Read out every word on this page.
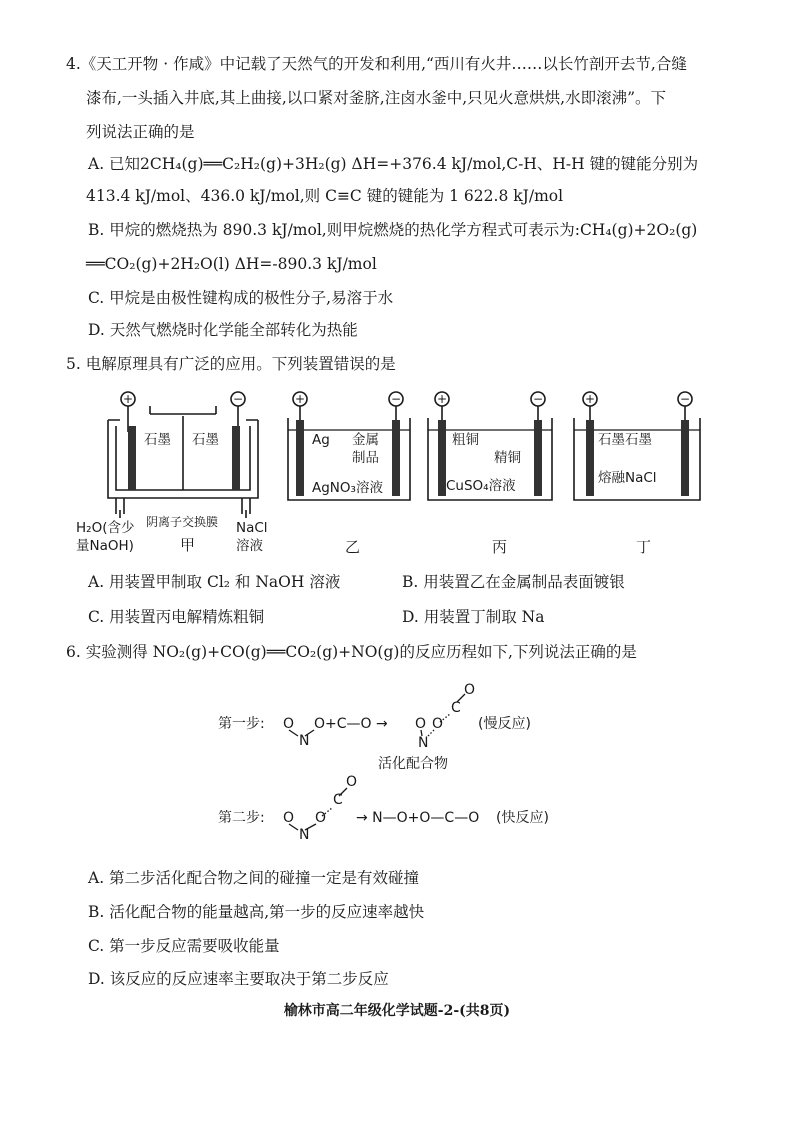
4.《天工开物 · 作咸》中记载了天然气的开发和利用,“西川有火井……以长竹剖开去节,合缝
漆布,一头插入井底,其上曲接,以口紧对釜脐,注卤水釜中,只见火意烘烘,水即滚沸”。下
列说法正确的是
A. 已知2CH₄(g)══C₂H₂(g)+3H₂(g) ΔH=+376.4 kJ/mol,C-H、H-H 键的键能分别为
413.4 kJ/mol、436.0 kJ/mol,则 C≡C 键的键能为 1 622.8 kJ/mol
B. 甲烷的燃烧热为 890.3 kJ/mol,则甲烷燃烧的热化学方程式可表示为:CH₄(g)+2O₂(g)
══CO₂(g)+2H₂O(l) ΔH=-890.3 kJ/mol
C. 甲烷是由极性键构成的极性分子,易溶于水
D. 天然气燃烧时化学能全部转化为热能
5. 电解原理具有广泛的应用。下列装置错误的是
+	−	+	−	+	−	+	−
石墨 石墨
阴离子交换膜
H₂O(含少
量NaOH)
NaCl
溶液
Ag 金属
制品
AgNO₃溶液
粗铜
精铜
CuSO₄溶液
石墨石墨
熔融NaCl
甲	乙	丙	丁
A. 用装置甲制取 Cl₂ 和 NaOH 溶液	B. 用装置乙在金属制品表面镀银
C. 用装置丙电解精炼粗铜	D. 用装置丁制取 Na
6. 实验测得 NO₂(g)+CO(g)══CO₂(g)+NO(g)的反应历程如下,下列说法正确的是
第一步: O
N
O+C—O → O
N
O
C
O
(慢反应)
活化配合物
第二步: O
N
O
C
O
→ N—O+O—C—O (快反应)
A. 第二步活化配合物之间的碰撞一定是有效碰撞
B. 活化配合物的能量越高,第一步的反应速率越快
C. 第一步反应需要吸收能量
D. 该反应的反应速率主要取决于第二步反应
榆林市高二年级化学试题-2-(共8页)
